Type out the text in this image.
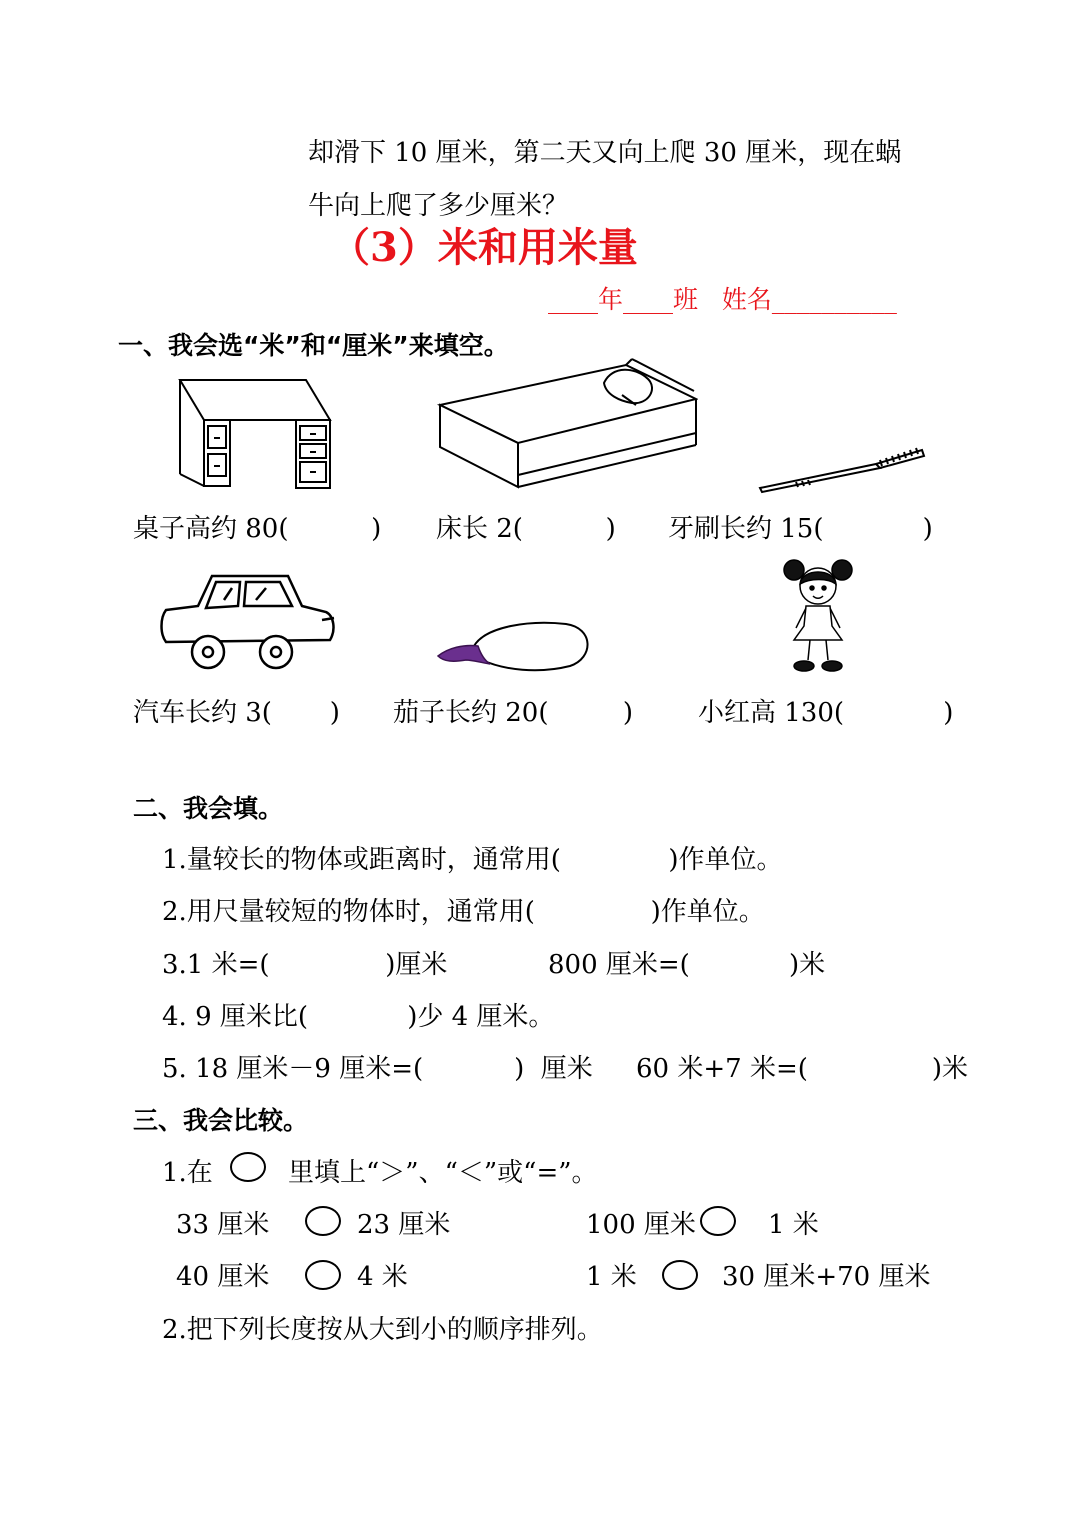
却滑下 10 厘米，第二天又向上爬 30 厘米，现在蜗
牛向上爬了多少厘米？
（3）米和用米量
____年____班 姓名__________
一、我会选“米”和“厘米”来填空。
桌子高约 80(          ) 床长 2(          ) 牙刷长约 15(            )
汽车长约 3(       ) 茄子长约 20(         ) 小红高 130(            )
二、我会填。
1.量较长的物体或距离时，通常用(             )作单位。
2.用尺量较短的物体时，通常用(              )作单位。
3.1 米=(              )厘米	800 厘米=(            )米
4. 9 厘米比(            )少 4 厘米。
5. 18 厘米－9 厘米=(           )  厘米 60 米+7 米=(               )米
三、我会比较。
1.在	里填上“＞”、“＜”或“=”。
33 厘米	23 厘米	100 厘米	1 米
40 厘米	4 米	1 米	30 厘米+70 厘米
2.把下列长度按从大到小的顺序排列。
